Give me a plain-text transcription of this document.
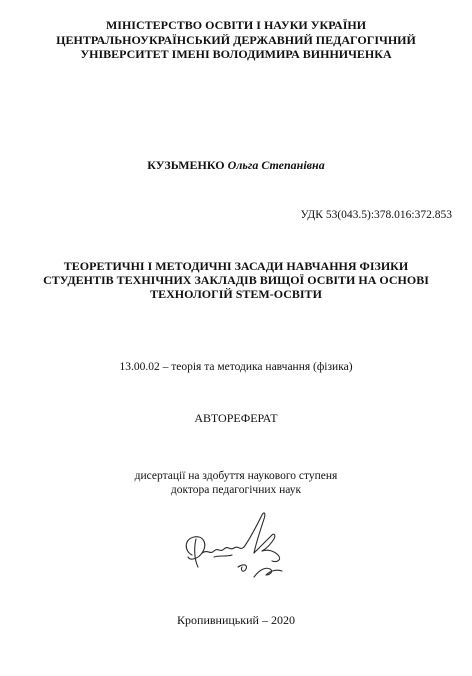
МІНІСТЕРСТВО ОСВІТИ І НАУКИ УКРАЇНИ
ЦЕНТРАЛЬНОУКРАЇНСЬКИЙ ДЕРЖАВНИЙ ПЕДАГОГІЧНИЙ
УНІВЕРСИТЕТ ІМЕНІ ВОЛОДИМИРА ВИННИЧЕНКА
КУЗЬМЕНКО Ольга Степанівна
УДК 53(043.5):378.016:372.853
ТЕОРЕТИЧНІ І МЕТОДИЧНІ ЗАСАДИ НАВЧАННЯ ФІЗИКИ
СТУДЕНТІВ ТЕХНІЧНИХ ЗАКЛАДІВ ВИЩОЇ ОСВІТИ НА ОСНОВІ
ТЕХНОЛОГІЙ STEM-ОСВІТИ
13.00.02 – теорія та методика навчання (фізика)
АВТОРЕФЕРАТ
дисертації на здобуття наукового ступеня
доктора педагогічних наук
Кропивницький – 2020
